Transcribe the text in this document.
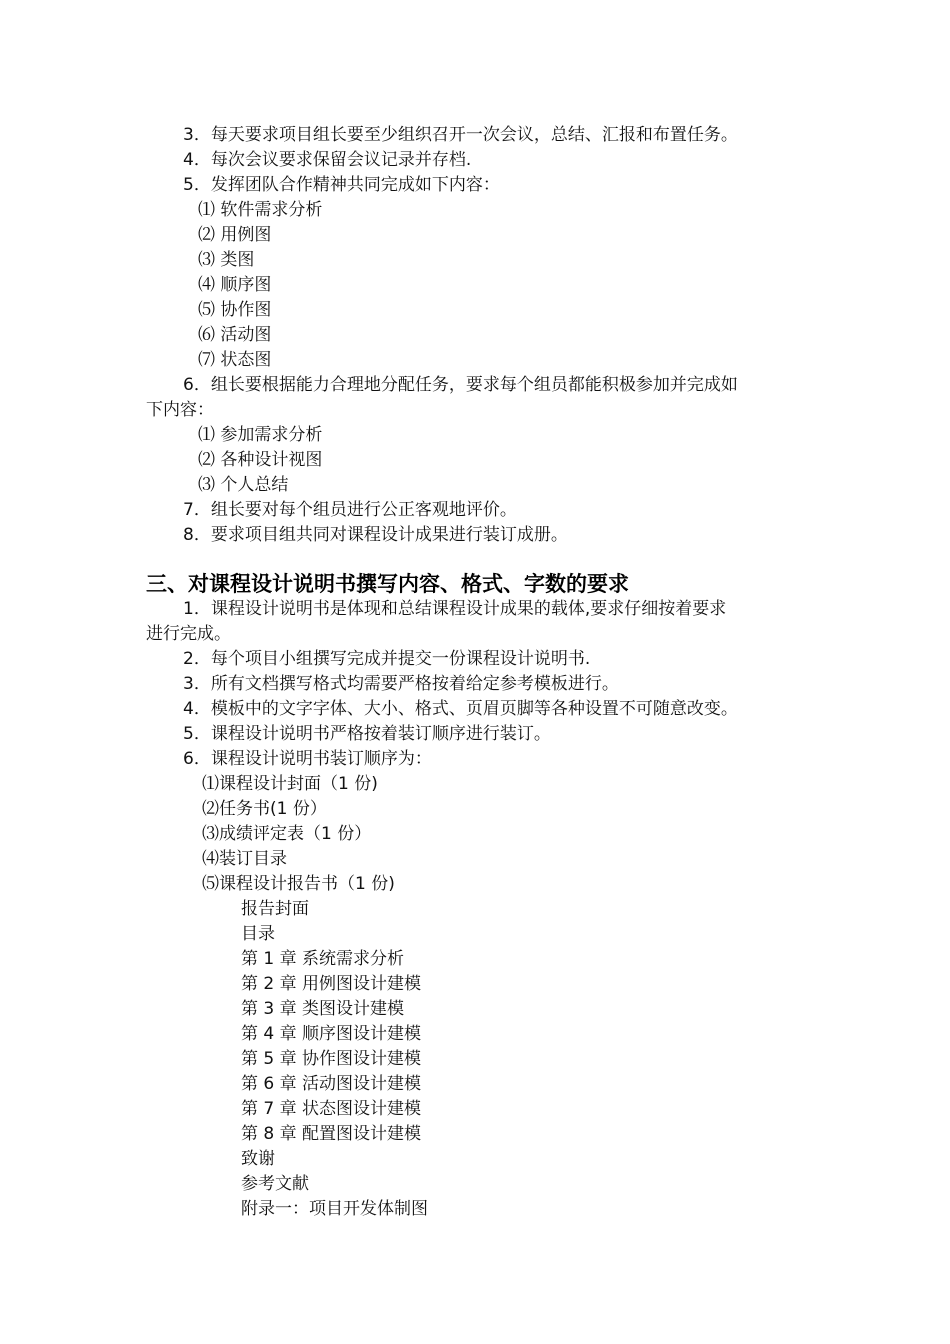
3．每天要求项目组长要至少组织召开一次会议，总结、汇报和布置任务。
4．每次会议要求保留会议记录并存档.
5．发挥团队合作精神共同完成如下内容：
⑴ 软件需求分析
⑵ 用例图
⑶ 类图
⑷ 顺序图
⑸ 协作图
⑹ 活动图
⑺ 状态图
6．组长要根据能力合理地分配任务，要求每个组员都能积极参加并完成如
下内容：
⑴ 参加需求分析
⑵ 各种设计视图
⑶ 个人总结
7．组长要对每个组员进行公正客观地评价。
8．要求项目组共同对课程设计成果进行装订成册。
三、对课程设计说明书撰写内容、格式、字数的要求
1．课程设计说明书是体现和总结课程设计成果的载体,要求仔细按着要求
进行完成。
2．每个项目小组撰写完成并提交一份课程设计说明书.
3．所有文档撰写格式均需要严格按着给定参考模板进行。
4．模板中的文字字体、大小、格式、页眉页脚等各种设置不可随意改变。
5．课程设计说明书严格按着装订顺序进行装订。
6．课程设计说明书装订顺序为：
⑴课程设计封面（1 份)
⑵任务书(1 份）
⑶成绩评定表（1 份）
⑷装订目录
⑸课程设计报告书（1 份)
报告封面
目录
第 1 章 系统需求分析
第 2 章 用例图设计建模
第 3 章 类图设计建模
第 4 章 顺序图设计建模
第 5 章 协作图设计建模
第 6 章 活动图设计建模
第 7 章 状态图设计建模
第 8 章 配置图设计建模
致谢
参考文献
附录一：项目开发体制图
